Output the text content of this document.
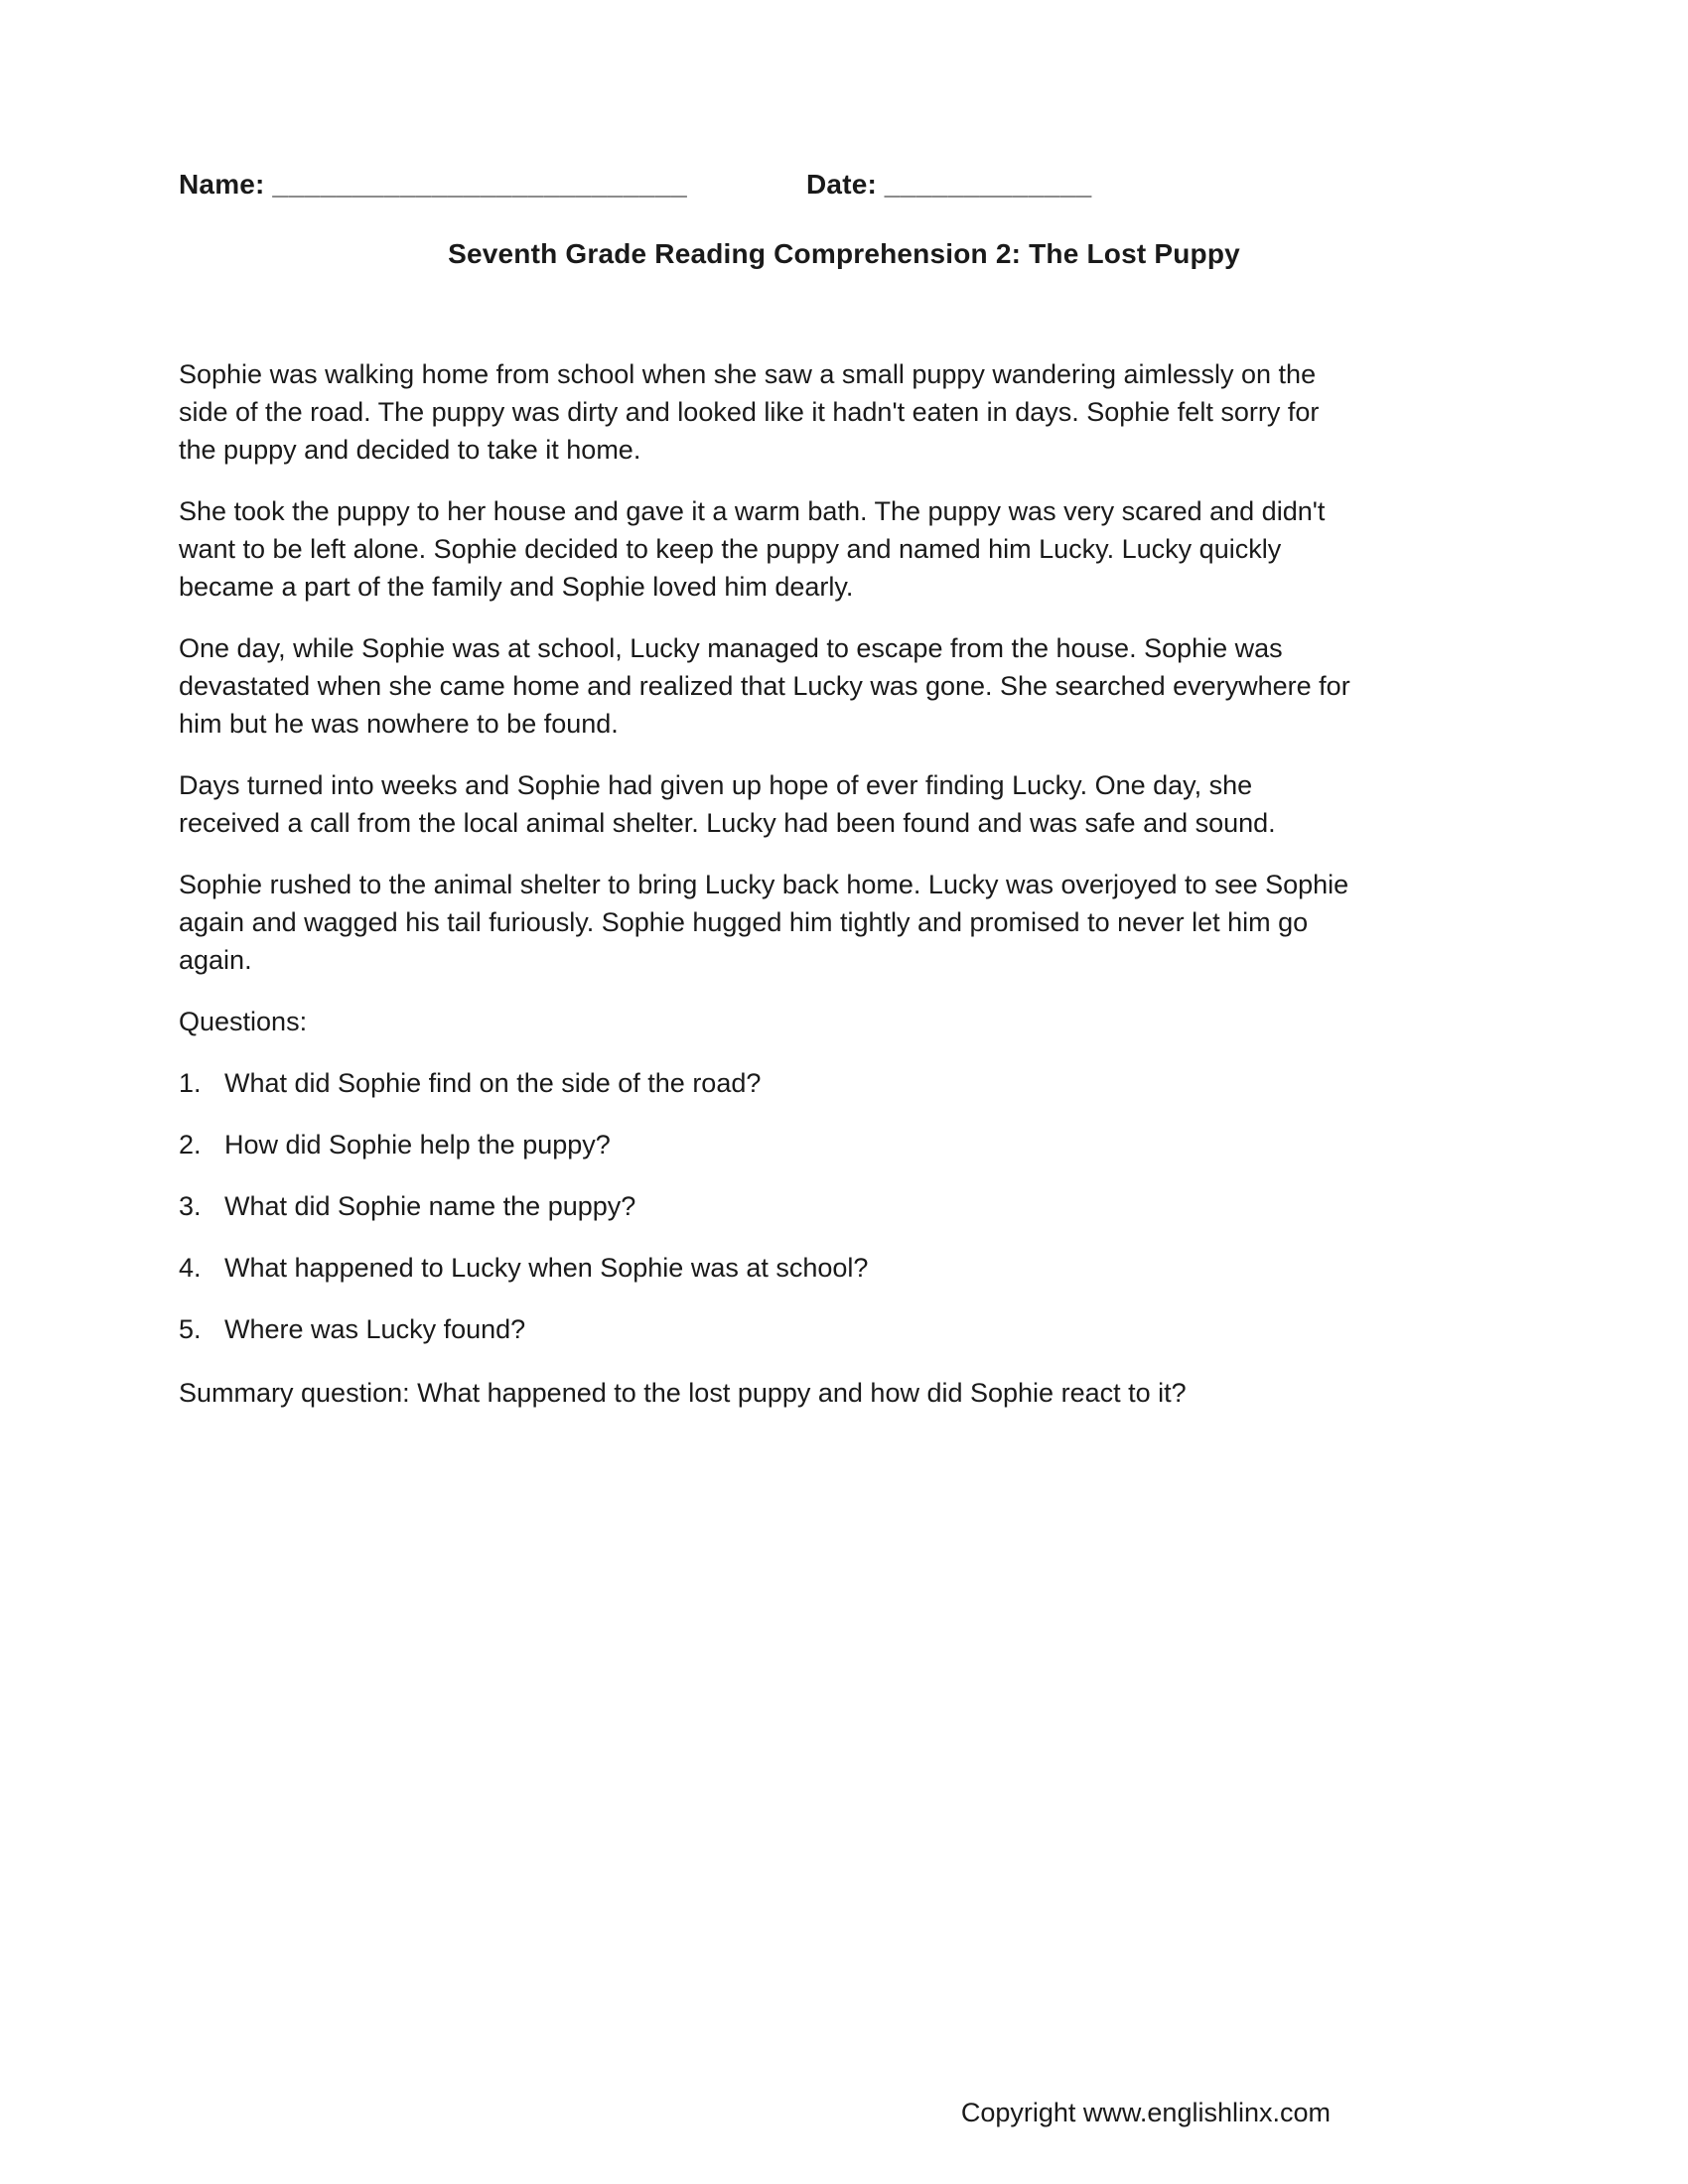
Name: __________________________	Date: _____________
Seventh Grade Reading Comprehension 2: The Lost Puppy

Sophie was walking home from school when she saw a small puppy wandering aimlessly on the side of the road. The puppy was dirty and looked like it hadn't eaten in days. Sophie felt sorry for the puppy and decided to take it home.

She took the puppy to her house and gave it a warm bath. The puppy was very scared and didn't want to be left alone. Sophie decided to keep the puppy and named him Lucky. Lucky quickly became a part of the family and Sophie loved him dearly.

One day, while Sophie was at school, Lucky managed to escape from the house. Sophie was devastated when she came home and realized that Lucky was gone. She searched everywhere for him but he was nowhere to be found.

Days turned into weeks and Sophie had given up hope of ever finding Lucky. One day, she received a call from the local animal shelter. Lucky had been found and was safe and sound.

Sophie rushed to the animal shelter to bring Lucky back home. Lucky was overjoyed to see Sophie again and wagged his tail furiously. Sophie hugged him tightly and promised to never let him go again.

Questions:

1. What did Sophie find on the side of the road?
2. How did Sophie help the puppy?
3. What did Sophie name the puppy?
4. What happened to Lucky when Sophie was at school?
5. Where was Lucky found?

Summary question: What happened to the lost puppy and how did Sophie react to it?

Copyright www.englishlinx.com
